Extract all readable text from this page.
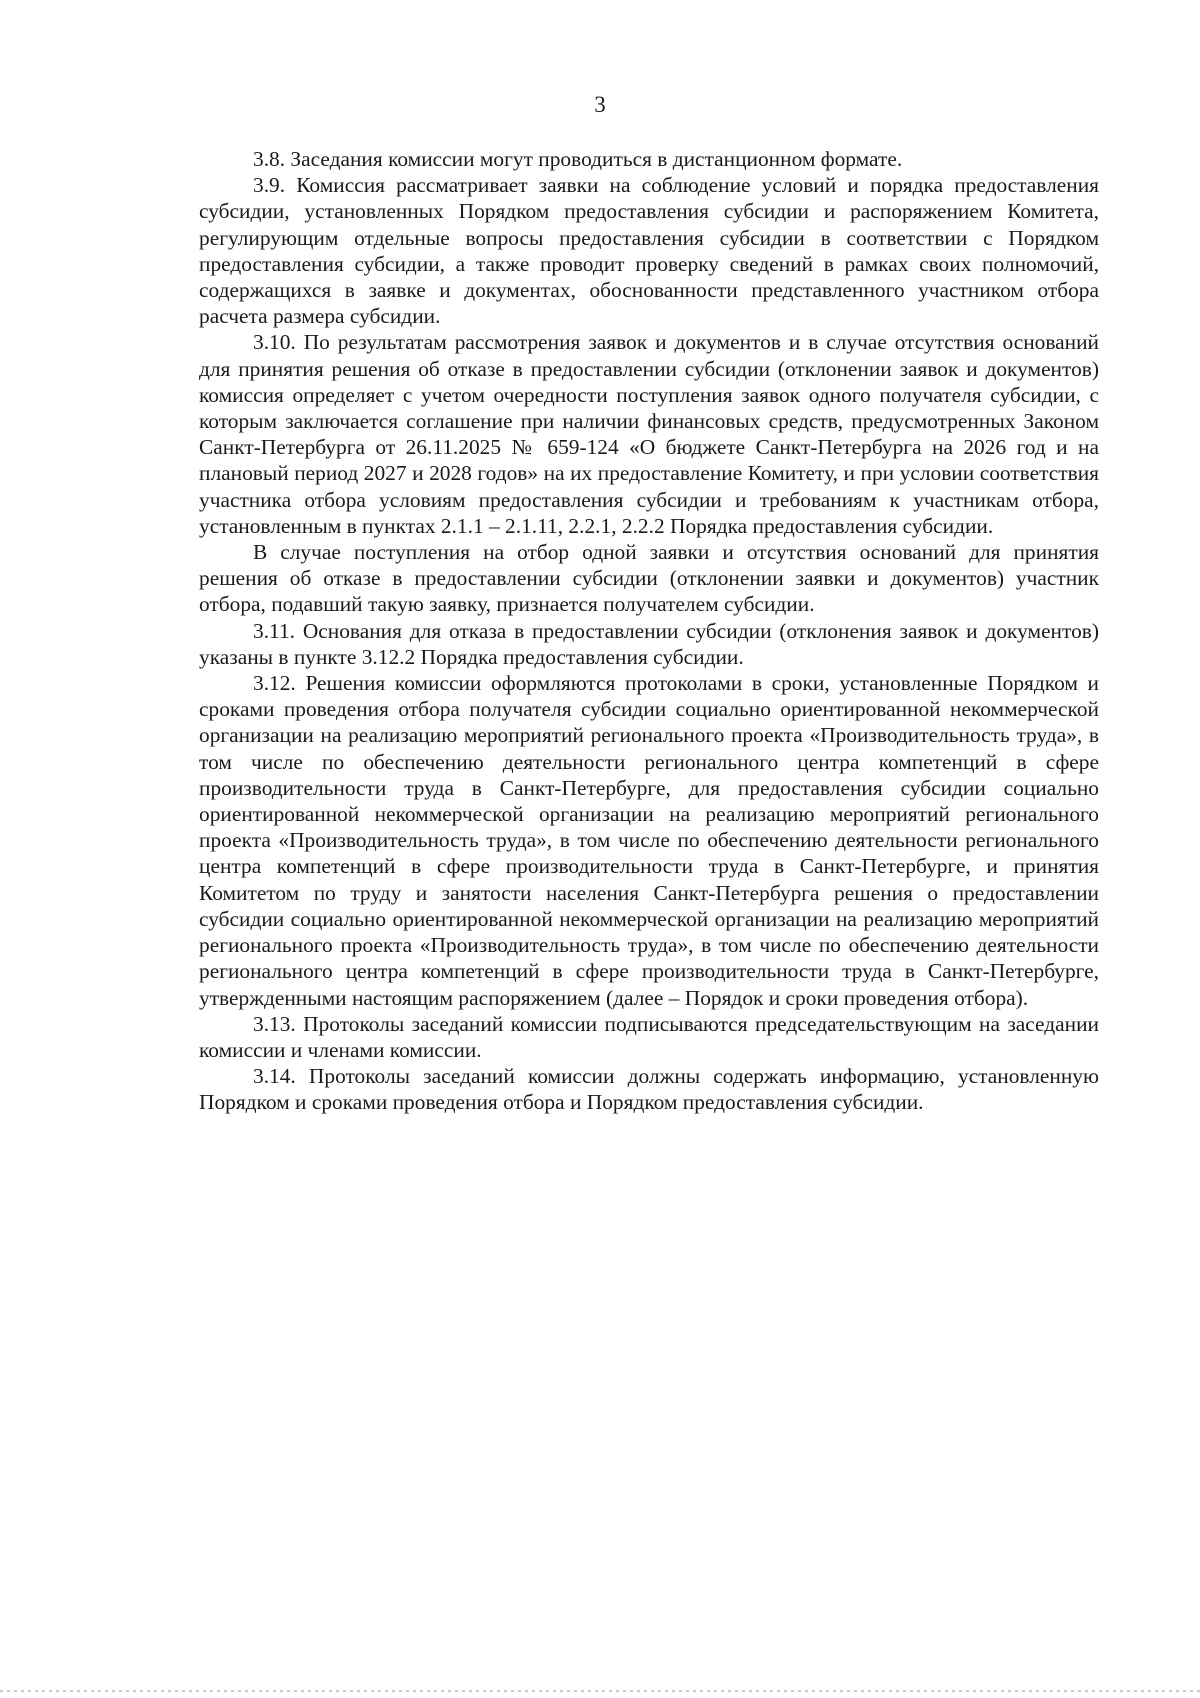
3

3.8. Заседания комиссии могут проводиться в дистанционном формате.

3.9. Комиссия рассматривает заявки на соблюдение условий и порядка предоставления субсидии, установленных Порядком предоставления субсидии и распоряжением Комитета, регулирующим отдельные вопросы предоставления субсидии в соответствии с Порядком предоставления субсидии, а также проводит проверку сведений в рамках своих полномочий, содержащихся в заявке и документах, обоснованности представленного участником отбора расчета размера субсидии.

3.10. По результатам рассмотрения заявок и документов и в случае отсутствия оснований для принятия решения об отказе в предоставлении субсидии (отклонении заявок и документов) комиссия определяет с учетом очередности поступления заявок одного получателя субсидии, с которым заключается соглашение при наличии финансовых средств, предусмотренных Законом Санкт-Петербурга от 26.11.2025 № 659-124 «О бюджете Санкт-Петербурга на 2026 год и на плановый период 2027 и 2028 годов» на их предоставление Комитету, и при условии соответствия участника отбора условиям предоставления субсидии и требованиям к участникам отбора, установленным в пунктах 2.1.1 – 2.1.11, 2.2.1, 2.2.2 Порядка предоставления субсидии.

В случае поступления на отбор одной заявки и отсутствия оснований для принятия решения об отказе в предоставлении субсидии (отклонении заявки и документов) участник отбора, подавший такую заявку, признается получателем субсидии.

3.11. Основания для отказа в предоставлении субсидии (отклонения заявок и документов) указаны в пункте 3.12.2 Порядка предоставления субсидии.

3.12. Решения комиссии оформляются протоколами в сроки, установленные Порядком и сроками проведения отбора получателя субсидии социально ориентированной некоммерческой организации на реализацию мероприятий регионального проекта «Производительность труда», в том числе по обеспечению деятельности регионального центра компетенций в сфере производительности труда в Санкт-Петербурге, для предоставления субсидии социально ориентированной некоммерческой организации на реализацию мероприятий регионального проекта «Производительность труда», в том числе по обеспечению деятельности регионального центра компетенций в сфере производительности труда в Санкт-Петербурге, и принятия Комитетом по труду и занятости населения Санкт-Петербурга решения о предоставлении субсидии социально ориентированной некоммерческой организации на реализацию мероприятий регионального проекта «Производительность труда», в том числе по обеспечению деятельности регионального центра компетенций в сфере производительности труда в Санкт-Петербурге, утвержденными настоящим распоряжением (далее – Порядок и сроки проведения отбора).

3.13. Протоколы заседаний комиссии подписываются председательствующим на заседании комиссии и членами комиссии.

3.14. Протоколы заседаний комиссии должны содержать информацию, установленную Порядком и сроками проведения отбора и Порядком предоставления субсидии.
